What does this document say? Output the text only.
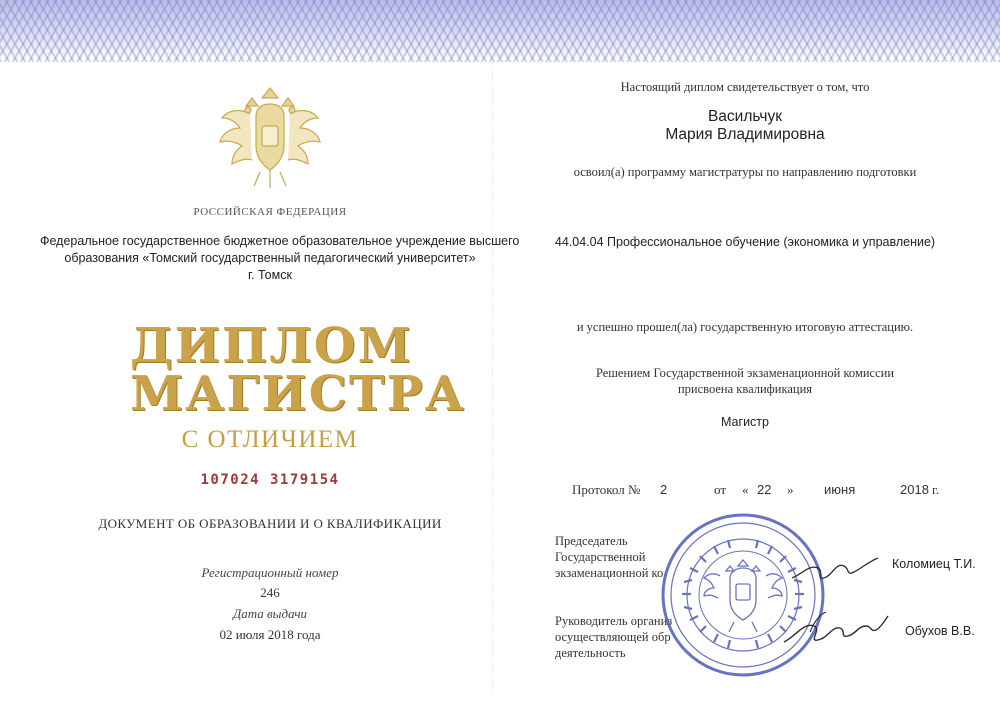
РОССИЙСКАЯ ФЕДЕРАЦИЯ
Федеральное государственное бюджетное образовательное учреждение высшего
образования «Томский государственный педагогический университет»
г. Томск
ДИПЛОМ
МАГИСТРА
С ОТЛИЧИЕМ
107024 3179154
ДОКУМЕНТ ОБ ОБРАЗОВАНИИ И О КВАЛИФИКАЦИИ
Регистрационный номер
246
Дата выдачи
02 июля 2018 года
Настоящий диплом свидетельствует о том, что
Васильчук
Мария Владимировна
освоил(а) программу магистратуры по направлению подготовки
44.04.04 Профессиональное обучение (экономика и управление)
и успешно прошел(ла) государственную итоговую аттестацию.
Решением Государственной экзаменационной комиссии
присвоена квалификация
Магистр
Протокол № 2	от « 22 » июня	2018 г.
Председатель
Государственной
экзаменационной ко
Коломиец Т.И.
Руководитель организ
осуществляющей обр
деятельность
Обухов В.В.
